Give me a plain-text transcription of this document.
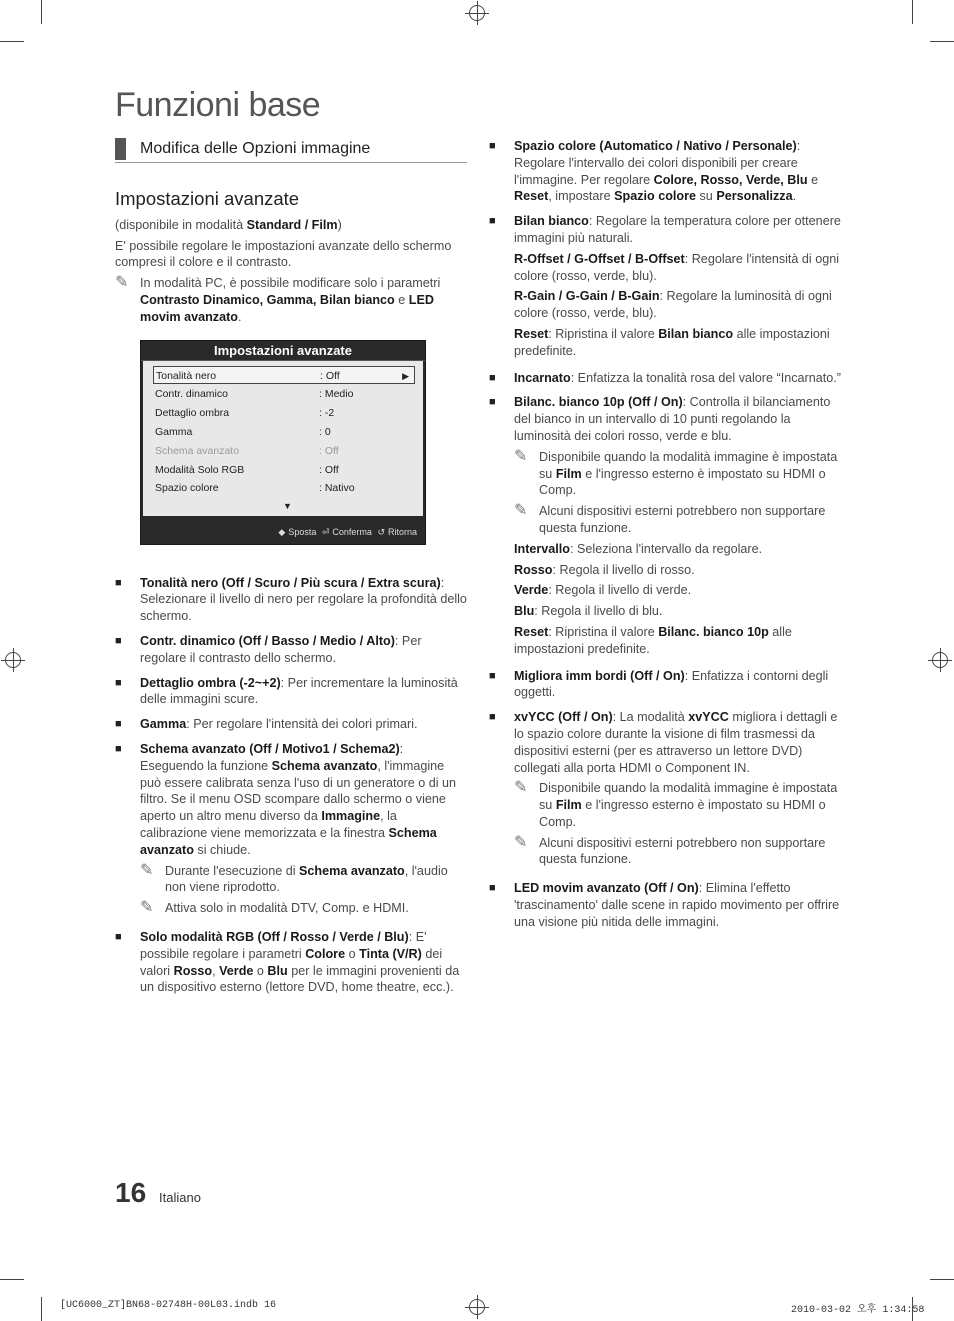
Funzioni base
Modifica delle Opzioni immagine
Impostazioni avanzate

(disponibile in modalità Standard / Film)

E' possibile regolare le impostazioni avanzate dello schermo compresi il colore e il contrasto.

✎ In modalità PC, è possibile modificare solo i parametri Contrasto Dinamico, Gamma, Bilan bianco e LED movim avanzato.
Impostazioni avanzate
Tonalità nero	: Off	▶
Contr. dinamico	: Medio
Dettaglio ombra	: -2
Gamma	: 0
Schema avanzato	: Off
Modalità Solo RGB	: Off
Spazio colore	: Nativo
▼
◆ Sposta ⏎ Conferma ↺ Ritorna
■	Tonalità nero (Off / Scuro / Più scura / Extra scura): Selezionare il livello di nero per regolare la profondità dello schermo.
■	Contr. dinamico (Off / Basso / Medio / Alto): Per regolare il contrasto dello schermo.
■	Dettaglio ombra (-2~+2): Per incrementare la luminosità delle immagini scure.
■	Gamma: Per regolare l'intensità dei colori primari.
■	Schema avanzato (Off / Motivo1 / Schema2): Eseguendo la funzione Schema avanzato, l'immagine può essere calibrata senza l'uso di un generatore o di un filtro. Se il menu OSD scompare dallo schermo o viene aperto un altro menu diverso da Immagine, la calibrazione viene memorizzata e la finestra Schema avanzato si chiude.
✎ Durante l'esecuzione di Schema avanzato, l'audio non viene riprodotto.
✎ Attiva solo in modalità DTV, Comp. e HDMI.
■	Solo modalità RGB (Off / Rosso / Verde / Blu): E' possibile regolare i parametri Colore o Tinta (V/R) dei valori Rosso, Verde o Blu per le immagini provenienti da un dispositivo esterno (lettore DVD, home theatre, ecc.).
■	Spazio colore (Automatico / Nativo / Personale): Regolare l'intervallo dei colori disponibili per creare l'immagine. Per regolare Colore, Rosso, Verde, Blu e Reset, impostare Spazio colore su Personalizza.
■	Bilan bianco: Regolare la temperatura colore per ottenere immagini più naturali.
R-Offset / G-Offset / B-Offset: Regolare l'intensità di ogni colore (rosso, verde, blu).
R-Gain / G-Gain / B-Gain: Regolare la luminosità di ogni colore (rosso, verde, blu).
Reset: Ripristina il valore Bilan bianco alle impostazioni predefinite.
■	Incarnato: Enfatizza la tonalità rosa del valore “Incarnato.”
■	Bilanc. bianco 10p (Off / On): Controlla il bilanciamento del bianco in un intervallo di 10 punti regolando la luminosità dei colori rosso, verde e blu.
✎ Disponibile quando la modalità immagine è impostata su Film e l'ingresso esterno è impostato su HDMI o Comp.
✎ Alcuni dispositivi esterni potrebbero non supportare questa funzione.
Intervallo: Seleziona l'intervallo da regolare.
Rosso: Regola il livello di rosso.
Verde: Regola il livello di verde.
Blu: Regola il livello di blu.
Reset: Ripristina il valore Bilanc. bianco 10p alle impostazioni predefinite.
■	Migliora imm bordi (Off / On): Enfatizza i contorni degli oggetti.
■	xvYCC (Off / On): La modalità xvYCC migliora i dettagli e lo spazio colore durante la visione di film trasmessi da dispositivi esterni (per es attraverso un lettore DVD) collegati alla porta HDMI o Component IN.
✎ Disponibile quando la modalità immagine è impostata su Film e l'ingresso esterno è impostato su HDMI o Comp.
✎ Alcuni dispositivi esterni potrebbero non supportare questa funzione.
■	LED movim avanzato (Off / On): Elimina l'effetto 'trascinamento' dalle scene in rapido movimento per offrire una visione più nitida delle immagini.
16 Italiano
[UC6000_ZT]BN68-02748H-00L03.indb 16	2010-03-02 오후 1:34:58
